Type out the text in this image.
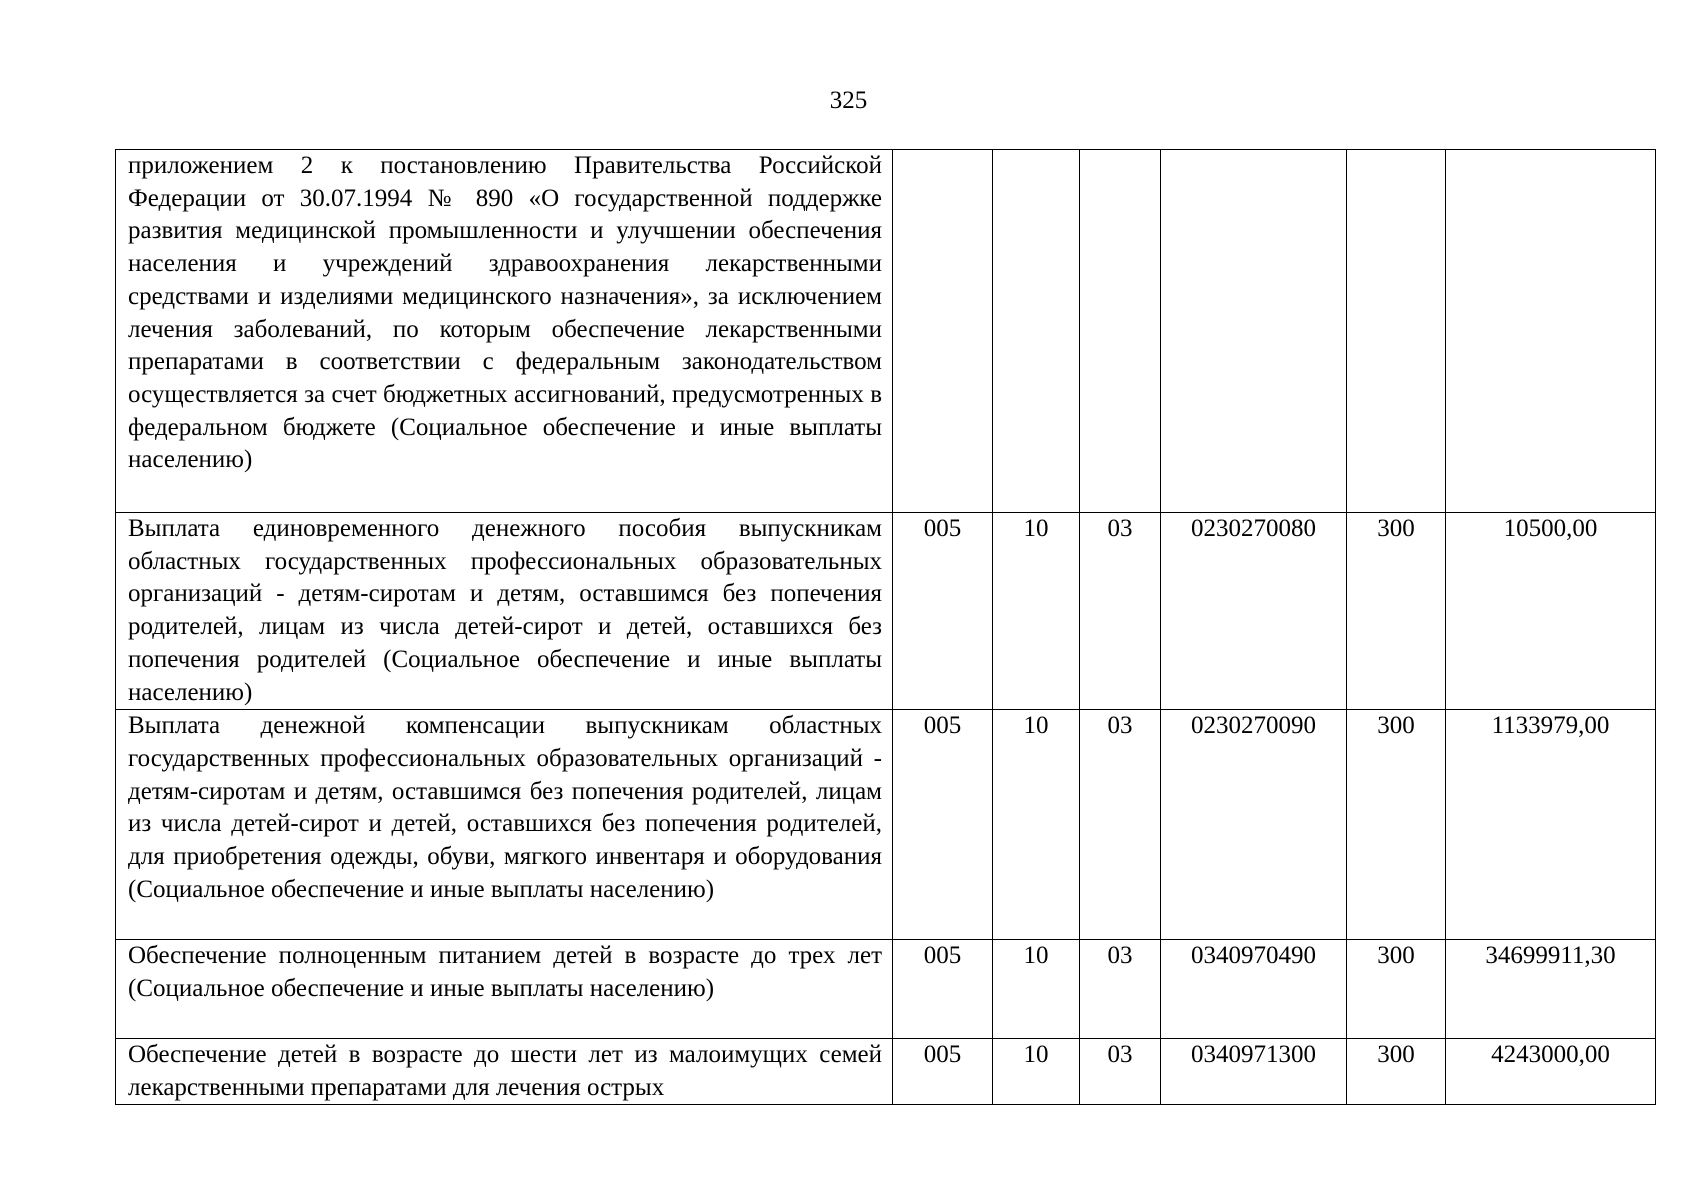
325
приложением 2 к постановлению Правительства Российской Федерации от 30.07.1994 № 890 «О государственной поддержке развития медицинской промышленности и улучшении обеспечения населения и учреждений здравоохранения лекарственными средствами и изделиями медицинского назначения», за исключением лечения заболеваний, по которым обеспечение лекарственными препаратами в соответствии с федеральным законодательством осуществляется за счет бюджетных ассигнований, предусмотренных в федеральном бюджете (Социальное обеспечение и иные выплаты населению)						
Выплата единовременного денежного пособия выпускникам областных государственных профессиональных образовательных организаций - детям-сиротам и детям, оставшимся без попечения родителей, лицам из числа детей-сирот и детей, оставшихся без попечения родителей (Социальное обеспечение и иные выплаты населению)	005	10	03	0230270080	300	10500,00
Выплата денежной компенсации выпускникам областных государственных профессиональных образовательных организаций - детям-сиротам и детям, оставшимся без попечения родителей, лицам из числа детей-сирот и детей, оставшихся без попечения родителей, для приобретения одежды, обуви, мягкого инвентаря и оборудования (Социальное обеспечение и иные выплаты населению)	005	10	03	0230270090	300	1133979,00
Обеспечение полноценным питанием детей в возрасте до трех лет (Социальное обеспечение и иные выплаты населению)	005	10	03	0340970490	300	34699911,30

Обеспечение детей в возрасте до шести лет из малоимущих семей лекарственными препаратами для лечения острых	005	10	03	0340971300	300	4243000,00
